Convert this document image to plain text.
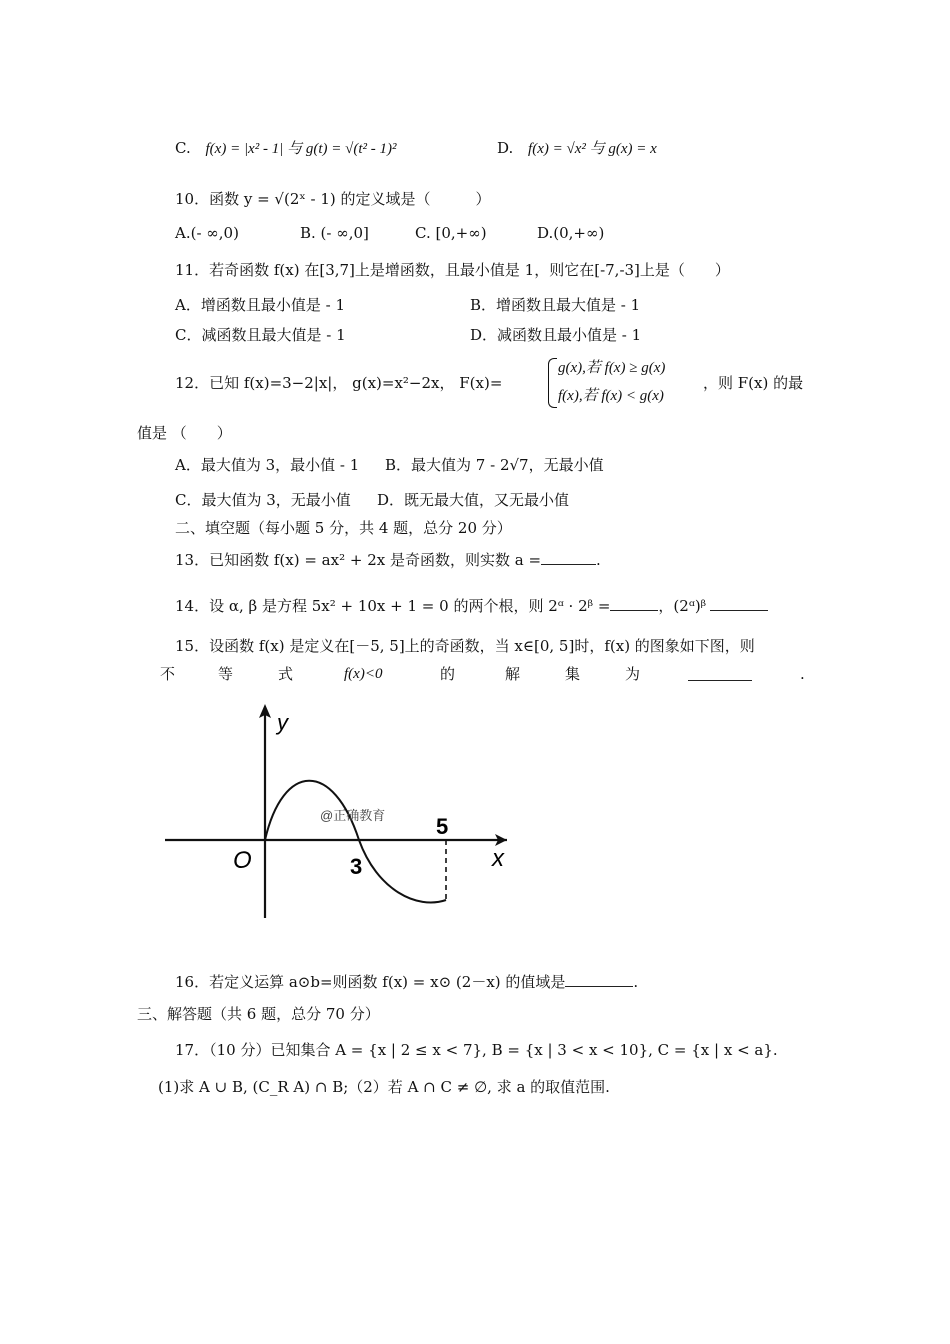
C. f(x) = |x² - 1| 与 g(t) = √(t² - 1)²	D. f(x) = √x² 与 g(x) = x
10．函数 y = √(2ˣ - 1) 的定义域是（　　　）
A.(- ∞,0)	B. (- ∞,0]	C. [0,+∞)	D.(0,+∞)
11．若奇函数 f(x) 在[3,7]上是增函数，且最小值是 1，则它在[-7,-3]上是（　　）
A．增函数且最小值是 - 1	B．增函数且最大值是 - 1
C．减函数且最大值是 - 1	D．减函数且最小值是 - 1
12．已知 f(x)=3−2|x|， g(x)=x²−2x， F(x)=
g(x),若 f(x) ≥ g(x)
f(x),若 f(x) < g(x)
，则 F(x) 的最
值是 （　　）
A．最大值为 3，最小值 - 1 B．最大值为 7 - 2√7，无最小值
C．最大值为 3，无最小值 D．既无最大值，又无最小值
二、填空题（每小题 5 分，共 4 题，总分 20 分）
13．已知函数 f(x) = ax² + 2x 是奇函数，则实数 a =	.
14．设 α, β 是方程 5x² + 10x + 1 = 0 的两个根，则 2ᵅ · 2ᵝ =	，(2ᵅ)ᵝ
15．设函数 f(x) 是定义在[－5, 5]上的奇函数，当 x∈[0, 5]时，f(x) 的图象如下图，则
不	等	式	f(x)<0	的	解	集	为	.
y
x
O	3
5
@正确教育
16．若定义运算 a⊙b=则函数 f(x) = x⊙ (2－x) 的值域是	.
三、解答题（共 6 题，总分 70 分）
17．（10 分）已知集合 A = {x | 2 ≤ x < 7}, B = {x | 3 < x < 10}, C = {x | x < a}.
(1)求 A ∪ B, (C_R A) ∩ B;（2）若 A ∩ C ≠ ∅, 求 a 的取值范围.
